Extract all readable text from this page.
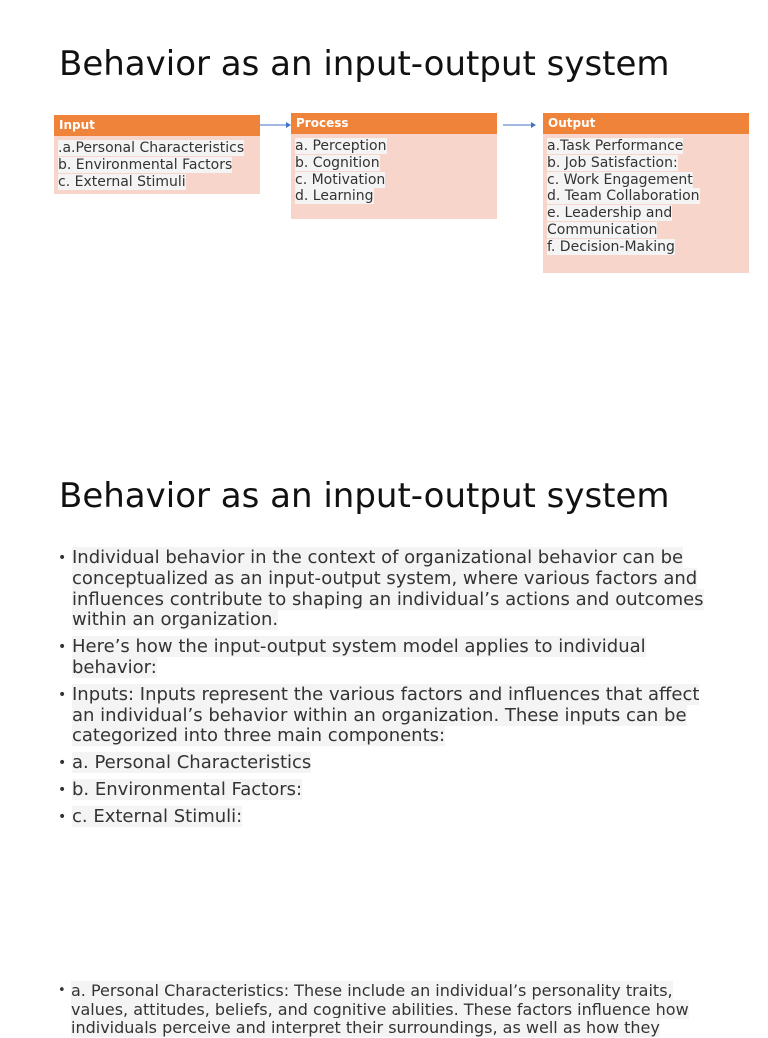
Behavior as an input-output system
Input
.a.Personal Characteristics
b. Environmental Factors
c. External Stimuli
Process
a. Perception
b. Cognition
c. Motivation
d. Learning
Output
a.Task Performance
b. Job Satisfaction:
c. Work Engagement
d. Team Collaboration
e. Leadership and
Communication
f. Decision-Making
Behavior as an input-output system
• Individual behavior in the context of organizational behavior can be conceptualized as an input-output system, where various factors and influences contribute to shaping an individual’s actions and outcomes within an organization.
• Here’s how the input-output system model applies to individual behavior:
• Inputs: Inputs represent the various factors and influences that affect an individual’s behavior within an organization. These inputs can be categorized into three main components:
• a. Personal Characteristics
• b. Environmental Factors:
• c. External Stimuli:
• a. Personal Characteristics: These include an individual’s personality traits, values, attitudes, beliefs, and cognitive abilities. These factors influence how individuals perceive and interpret their surroundings, as well as how they
